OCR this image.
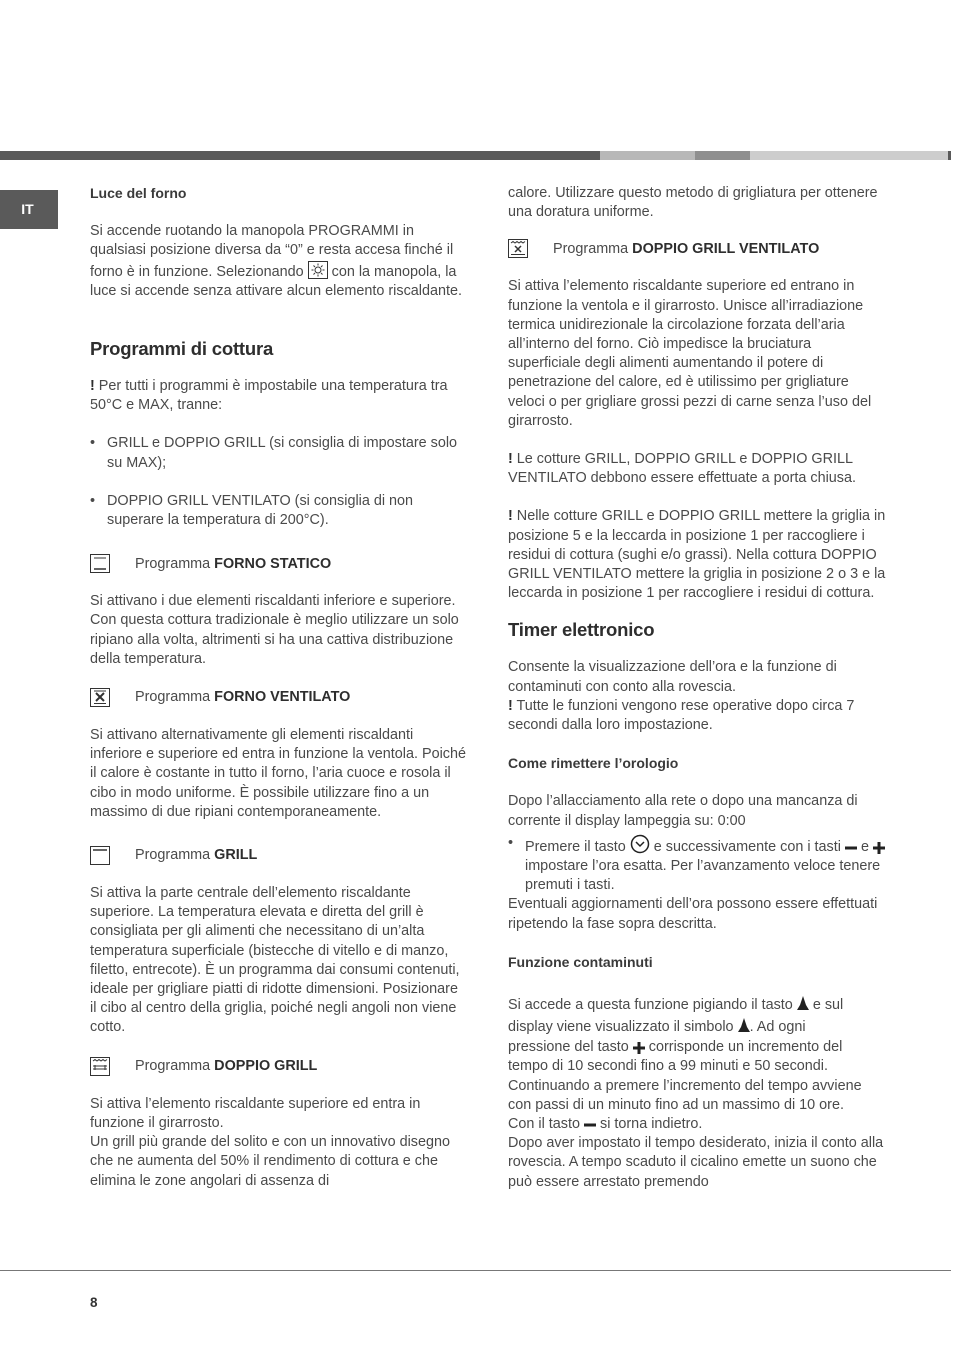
IT

Luce del forno

Si accende ruotando la manopola PROGRAMMI in qualsiasi posizione diversa da “0” e resta accesa finché il forno è in funzione. Selezionando con la manopola, la luce si accende senza attivare alcun elemento riscaldante.

Programmi di cottura

! Per tutti i programmi è impostabile una temperatura tra 50°C e MAX, tranne:

• GRILL e DOPPIO GRILL (si consiglia di impostare solo su MAX);

• DOPPIO GRILL VENTILATO (si consiglia di non superare la temperatura di 200°C).

Programma FORNO STATICO

Si attivano i due elementi riscaldanti inferiore e superiore. Con questa cottura tradizionale è meglio utilizzare un solo ripiano alla volta, altrimenti si ha una cattiva distribuzione della temperatura.

Programma FORNO VENTILATO

Si attivano alternativamente gli elementi riscaldanti inferiore e superiore ed entra in funzione la ventola. Poiché il calore è costante in tutto il forno, l’aria cuoce e rosola il cibo in modo uniforme. È possibile utilizzare fino a un massimo di due ripiani contemporaneamente.

Programma GRILL

Si attiva la parte centrale dell’elemento riscaldante superiore. La temperatura elevata e diretta del grill è consigliata per gli alimenti che necessitano di un’alta temperatura superficiale (bistecche di vitello e di manzo, filetto, entrecote). È un programma dai consumi contenuti, ideale per grigliare piatti di ridotte dimensioni. Posizionare il cibo al centro della griglia, poiché negli angoli non viene cotto.

Programma DOPPIO GRILL

Si attiva l’elemento riscaldante superiore ed entra in funzione il girarrosto.

Un grill più grande del solito e con un innovativo disegno che ne aumenta del 50% il rendimento di cottura e che elimina le zone angolari di assenza di

calore. Utilizzare questo metodo di grigliatura per ottenere una doratura uniforme.

Programma DOPPIO GRILL VENTILATO

Si attiva l’elemento riscaldante superiore ed entrano in funzione la ventola e il girarrosto. Unisce all’irradiazione termica unidirezionale la circolazione forzata dell’aria all’interno del forno. Ciò impedisce la bruciatura superficiale degli alimenti aumentando il potere di penetrazione del calore, ed è utilissimo per grigliature veloci o per grigliare grossi pezzi di carne senza l’uso del girarrosto.

! Le cotture GRILL, DOPPIO GRILL e DOPPIO GRILL VENTILATO debbono essere effettuate a porta chiusa.

! Nelle cotture GRILL e DOPPIO GRILL mettere la griglia in posizione 5 e la leccarda in posizione 1 per raccogliere i residui di cottura (sughi e/o grassi). Nella cottura DOPPIO GRILL VENTILATO mettere la griglia in posizione 2 o 3 e la leccarda in posizione 1 per raccogliere i residui di cottura.

Timer elettronico

Consente la visualizzazione dell’ora e la funzione di contaminuti con conto alla rovescia.

! Tutte le funzioni vengono rese operative dopo circa 7 secondi dalla loro impostazione.

Come rimettere l’orologio

Dopo l’allacciamento alla rete o dopo una mancanza di corrente il display lampeggia su: 0:00

• Premere il tasto e successivamente con i tasti e  impostare l’ora esatta. Per l’avanzamento veloce tenere premuti i tasti.

Eventuali aggiornamenti dell’ora possono essere effettuati ripetendo la fase sopra descritta.

Funzione contaminuti

Si accede a questa funzione pigiando il tasto e sul display viene visualizzato il simbolo . Ad ogni

pressione del tasto corrisponde un incremento del tempo di 10 secondi fino a 99 minuti e 50 secondi.

Continuando a premere l’incremento del tempo avviene con passi di un minuto fino ad un massimo di 10 ore.

Con il tasto si torna indietro.

Dopo aver impostato il tempo desiderato, inizia il conto alla rovescia. A tempo scaduto il cicalino emette un suono che può essere arrestato premendo

8
